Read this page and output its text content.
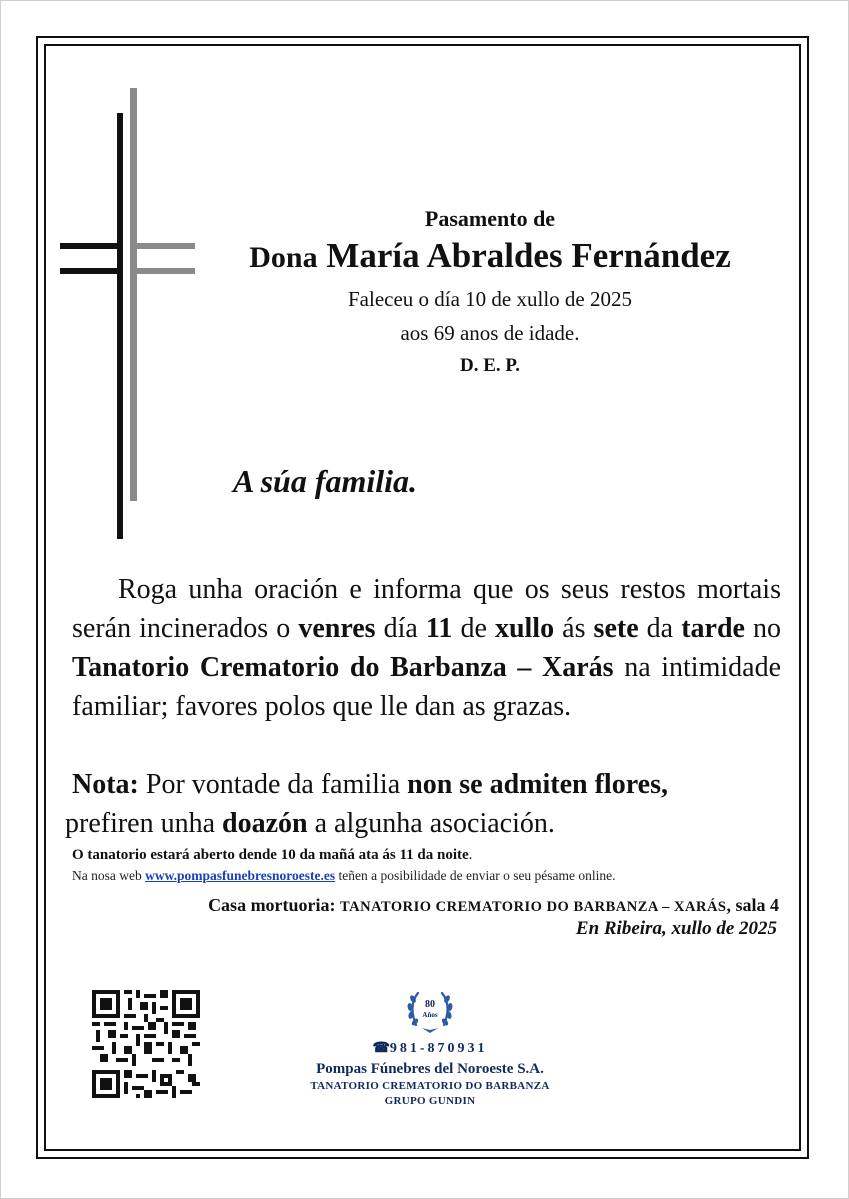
Pasamento de
Dona María Abraldes Fernández
Faleceu o día 10 de xullo de 2025
aos 69 anos de idade.
D. E. P.
A súa familia.
Roga unha oración e informa que os seus restos mortais serán incinerados o venres día 11 de xullo ás sete da tarde no Tanatorio Crematorio do Barbanza – Xarás na intimidade familiar; favores polos que lle dan as grazas.
Nota: Por vontade da familia non se admiten flores,
prefiren unha doazón a algunha asociación.
O tanatorio estará aberto dende 10 da mañá ata ás 11 da noite.
Na nosa web www.pompasfunebresnoroeste.es teñen a posibilidade de enviar o seu pésame online.
Casa mortuoria: TANATORIO CREMATORIO DO BARBANZA – XARÁS, sala 4
En Ribeira, xullo de 2025
80
Años
☎981-870931
Pompas Fúnebres del Noroeste S.A.
TANATORIO CREMATORIO DO BARBANZA
GRUPO GUNDIN
